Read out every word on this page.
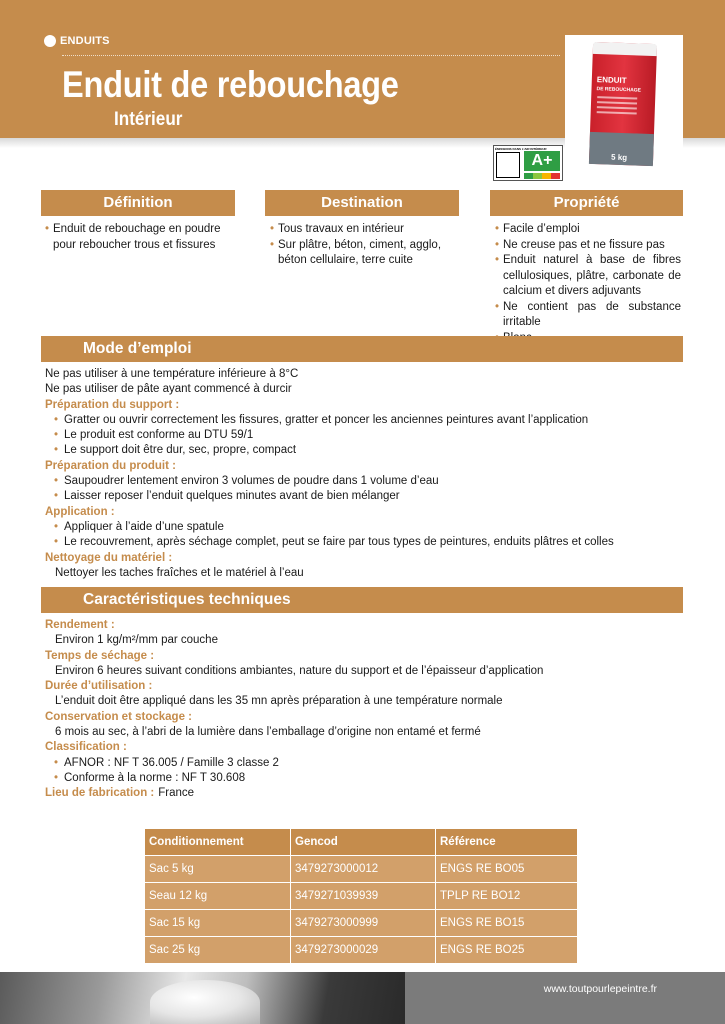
ENDUITS
Enduit de rebouchage
Intérieur
ENDUIT
DE REBOUCHAGE
5 kg
ÉMISSIONS DANS L'AIR INTÉRIEUR
A+
Définition	Destination	Propriété
• Enduit de rebouchage en poudre pour reboucher trous et fissures
• Tous travaux en intérieur
• Sur plâtre, béton, ciment, agglo, béton cellulaire, terre cuite
• Facile d’emploi
• Ne creuse pas et ne fissure pas
• Enduit naturel à base de fibres cellulosiques, plâtre, carbonate de calcium et divers adjuvants
• Ne contient pas de substance irritable
•
Mode d’emploi
Ne pas utiliser à une température inférieure à 8°C
Ne pas utiliser de pâte ayant commencé à durcir
Préparation du support :
• Gratter ou ouvrir correctement les fissures, gratter et poncer les anciennes peintures avant l’application
• Le produit est conforme au DTU 59/1
• Le support doit être dur, sec, propre, compact
Préparation du produit :
• Saupoudrer lentement environ 3 volumes de poudre dans 1 volume d’eau
• Laisser reposer l’enduit quelques minutes avant de bien mélanger
Application :
• Appliquer à l’aide d’une spatule
• Le recouvrement, après séchage complet, peut se faire par tous types de peintures, enduits plâtres et colles
Nettoyage du matériel :
Nettoyer les taches fraîches et le matériel à l’eau
Caractéristiques techniques
Rendement :
Environ 1 kg/m²/mm par couche
Temps de séchage :
Environ 6 heures suivant conditions ambiantes, nature du support et de l’épaisseur d’application
Durée d’utilisation :
L’enduit doit être appliqué dans les 35 mn après préparation à une température normale
Conservation et stockage :
6 mois au sec, à l’abri de la lumière dans l’emballage d’origine non entamé et fermé
Classification :
• AFNOR : NF T 36.005 / Famille 3 classe 2
• Conforme à la norme : NF T 30.608
Lieu de fabrication : France
Conditionnement	Gencod	Référence
Sac 5 kg	3479273000012	ENGS RE BO05
Seau 12 kg	3479271039939	TPLP RE BO12
Sac 15 kg	3479273000999	ENGS RE BO15
Sac 25 kg	3479273000029	ENGS RE BO25
www.toutpourlepeintre.fr
